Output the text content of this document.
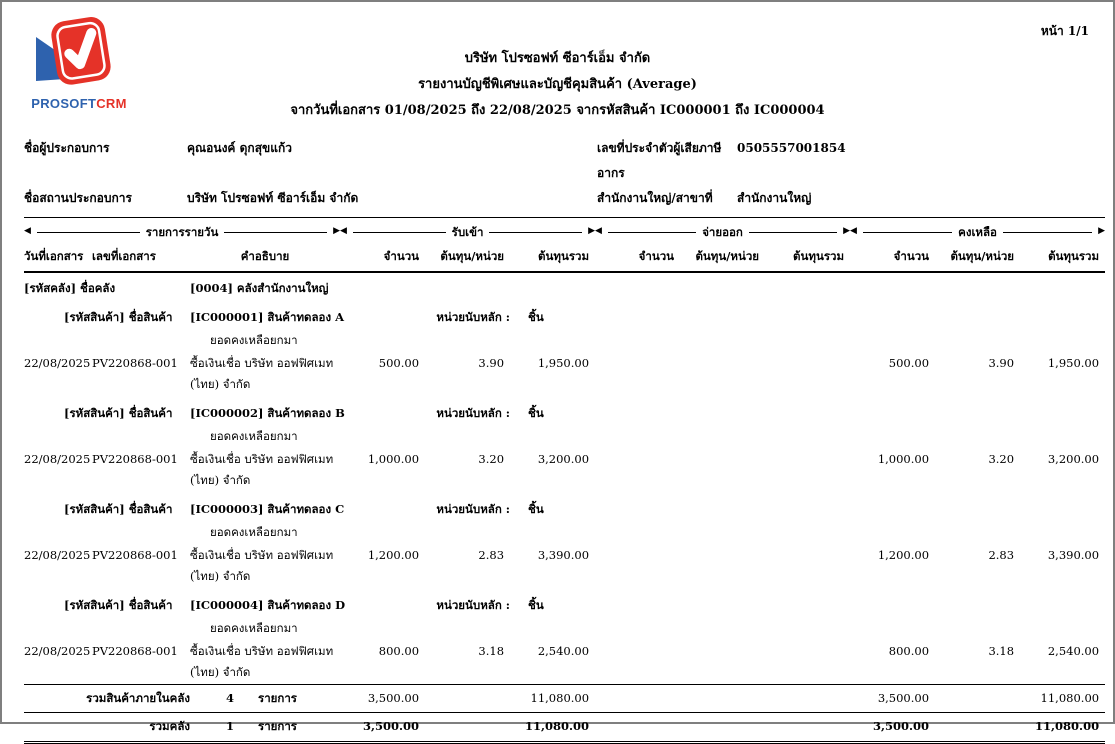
หน้า 1/1
PROSOFTCRM
บริษัท โปรซอฟท์ ซีอาร์เอ็ม จำกัด
รายงานบัญชีพิเศษและบัญชีคุมสินค้า (Average)
จากวันที่เอกสาร 01/08/2025 ถึง 22/08/2025 จากรหัสสินค้า IC000001 ถึง IC000004
ชื่อผู้ประกอบการ	คุณอนงค์ ดุกสุขแก้ว	เลขที่ประจำตัวผู้เสียภาษีอากร
0505557001854
ชื่อสถานประกอบการ	บริษัท โปรซอฟท์ ซีอาร์เอ็ม จำกัด	สำนักงานใหญ่/สาขาที่	สำนักงานใหญ่
◀ รายการรายวัน ▶			◀ รับเข้า ▶			◀ จ่ายออก ▶			◀ คงเหลือ ▶		

วันที่เอกสาร	เลขที่เอกสาร	คำอธิบาย	จำนวน	ต้นทุน/หน่วย	ต้นทุนรวม	จำนวน	ต้นทุน/หน่วย	ต้นทุนรวม	จำนวน	ต้นทุน/หน่วย	ต้นทุนรวม
[รหัสคลัง] ชื่อคลัง		[0004] คลังสำนักงานใหญ่									
[รหัสสินค้า] ชื่อสินค้า		[IC000001] สินค้าทดลอง A	หน่วยนับหลัก :		ชิ้น						
		ยอดคงเหลือยกมา									
22/08/2025	PV220868-001	ซื้อเงินเชื่อ บริษัท ออฟฟิศเมท (ไทย) จำกัด	500.00	3.90	1,950.00				500.00	3.90	1,950.00
[รหัสสินค้า] ชื่อสินค้า		[IC000002] สินค้าทดลอง B	หน่วยนับหลัก :		ชิ้น						
		ยอดคงเหลือยกมา									
22/08/2025	PV220868-001	ซื้อเงินเชื่อ บริษัท ออฟฟิศเมท (ไทย) จำกัด	1,000.00	3.20	3,200.00				1,000.00	3.20	3,200.00
[รหัสสินค้า] ชื่อสินค้า		[IC000003] สินค้าทดลอง C	หน่วยนับหลัก :		ชิ้น						
		ยอดคงเหลือยกมา									
22/08/2025	PV220868-001	ซื้อเงินเชื่อ บริษัท ออฟฟิศเมท (ไทย) จำกัด	1,200.00	2.83	3,390.00				1,200.00	2.83	3,390.00
[รหัสสินค้า] ชื่อสินค้า		[IC000004] สินค้าทดลอง D	หน่วยนับหลัก :		ชิ้น						
		ยอดคงเหลือยกมา									
22/08/2025	PV220868-001	ซื้อเงินเชื่อ บริษัท ออฟฟิศเมท (ไทย) จำกัด	800.00	3.18	2,540.00				800.00	3.18	2,540.00
รวมสินค้าภายในคลัง		4 รายการ	3,500.00		11,080.00				3,500.00		11,080.00
รวมคลัง		1 รายการ	3,500.00		11,080.00				3,500.00		11,080.00
